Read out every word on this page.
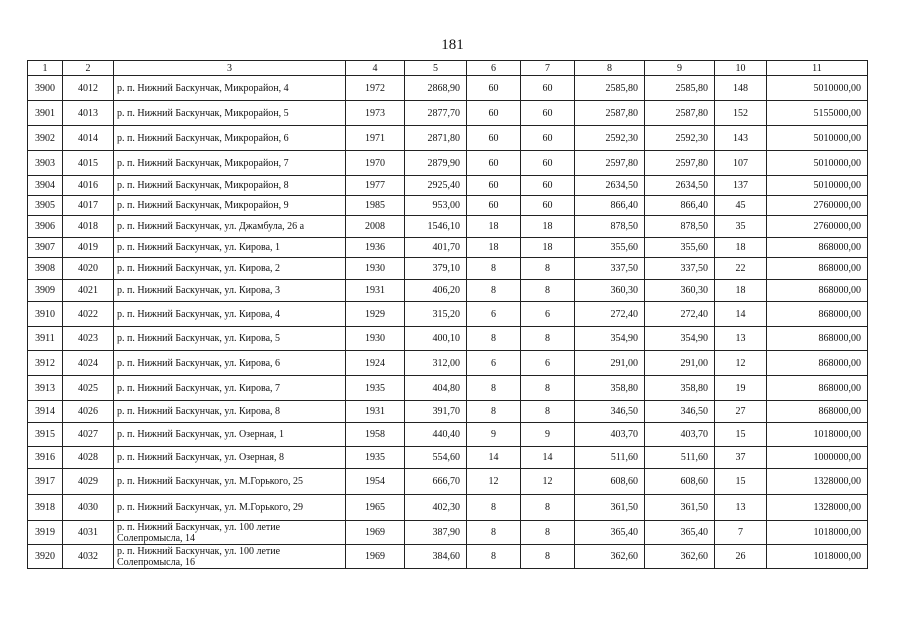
181
1	2	3	4	5	6	7	8	9	10	11
3900	4012	р. п. Нижний Баскунчак, Микрорайон, 4	1972	2868,90	60	60	2585,80	2585,80	148	5010000,00
3901	4013	р. п. Нижний Баскунчак, Микрорайон, 5	1973	2877,70	60	60	2587,80	2587,80	152	5155000,00
3902	4014	р. п. Нижний Баскунчак, Микрорайон, 6	1971	2871,80	60	60	2592,30	2592,30	143	5010000,00
3903	4015	р. п. Нижний Баскунчак, Микрорайон, 7	1970	2879,90	60	60	2597,80	2597,80	107	5010000,00
3904	4016	р. п. Нижний Баскунчак, Микрорайон, 8	1977	2925,40	60	60	2634,50	2634,50	137	5010000,00
3905	4017	р. п. Нижний Баскунчак, Микрорайон, 9	1985	953,00	60	60	866,40	866,40	45	2760000,00
3906	4018	р. п. Нижний Баскунчак, ул. Джамбула, 26 а	2008	1546,10	18	18	878,50	878,50	35	2760000,00
3907	4019	р. п. Нижний Баскунчак, ул. Кирова, 1	1936	401,70	18	18	355,60	355,60	18	868000,00
3908	4020	р. п. Нижний Баскунчак, ул. Кирова, 2	1930	379,10	8	8	337,50	337,50	22	868000,00
3909	4021	р. п. Нижний Баскунчак, ул. Кирова, 3	1931	406,20	8	8	360,30	360,30	18	868000,00
3910	4022	р. п. Нижний Баскунчак, ул. Кирова, 4	1929	315,20	6	6	272,40	272,40	14	868000,00
3911	4023	р. п. Нижний Баскунчак, ул. Кирова, 5	1930	400,10	8	8	354,90	354,90	13	868000,00
3912	4024	р. п. Нижний Баскунчак, ул. Кирова, 6	1924	312,00	6	6	291,00	291,00	12	868000,00
3913	4025	р. п. Нижний Баскунчак, ул. Кирова, 7	1935	404,80	8	8	358,80	358,80	19	868000,00
3914	4026	р. п. Нижний Баскунчак, ул. Кирова, 8	1931	391,70	8	8	346,50	346,50	27	868000,00
3915	4027	р. п. Нижний Баскунчак, ул. Озерная, 1	1958	440,40	9	9	403,70	403,70	15	1018000,00
3916	4028	р. п. Нижний Баскунчак, ул. Озерная, 8	1935	554,60	14	14	511,60	511,60	37	1000000,00
3917	4029	р. п. Нижний Баскунчак, ул. М.Горького, 25	1954	666,70	12	12	608,60	608,60	15	1328000,00
3918	4030	р. п. Нижний Баскунчак, ул. М.Горького, 29	1965	402,30	8	8	361,50	361,50	13	1328000,00
3919	4031	р. п. Нижний Баскунчак, ул. 100 летие Солепромысла, 14	1969	387,90	8	8	365,40	365,40	7	1018000,00
3920	4032	р. п. Нижний Баскунчак, ул. 100 летие Солепромысла, 16	1969	384,60	8	8	362,60	362,60	26	1018000,00
